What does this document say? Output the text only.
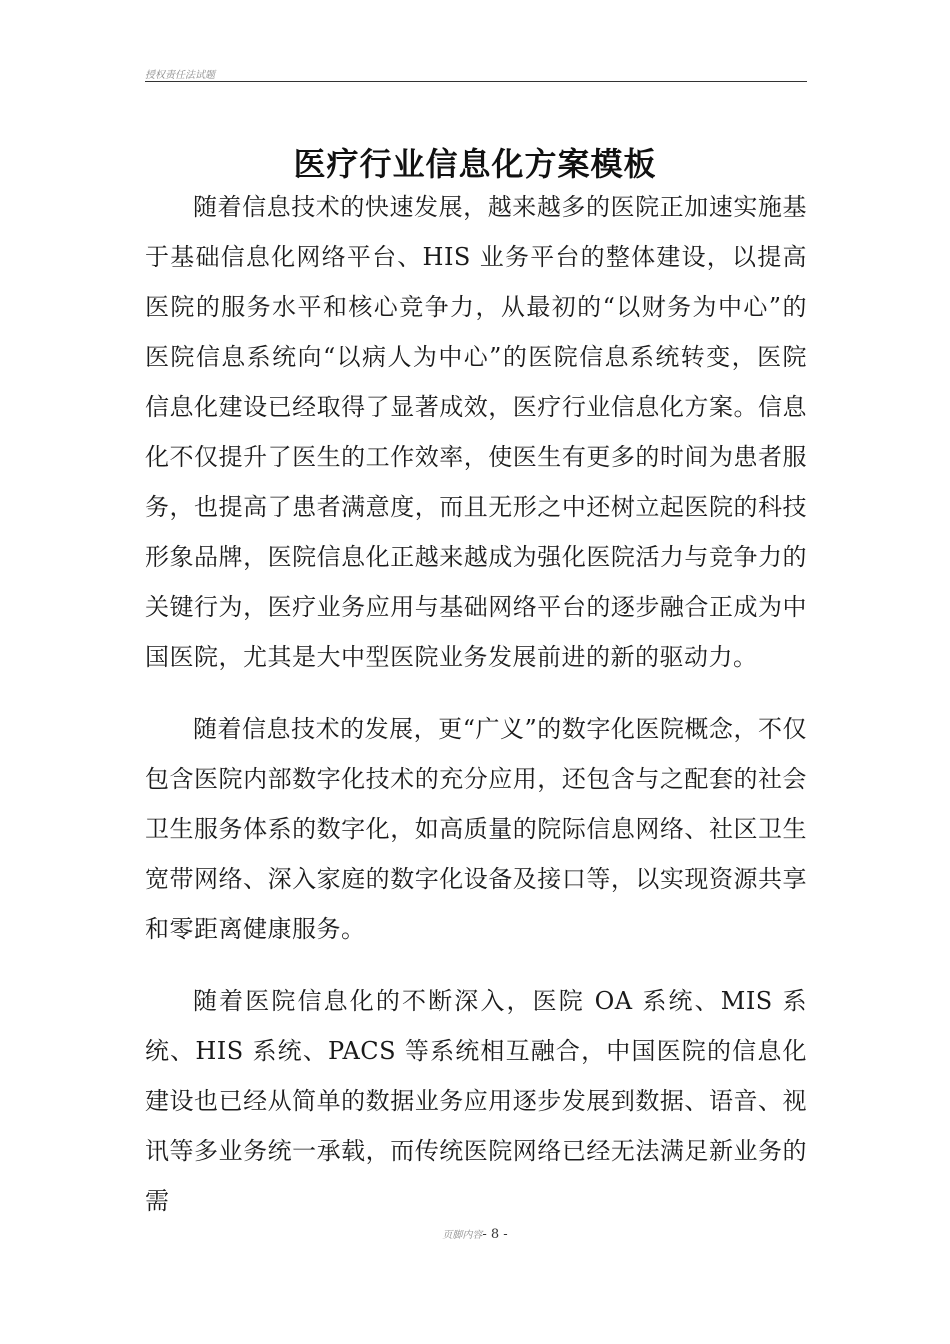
授权责任法试题
医疗行业信息化方案模板

随着信息技术的快速发展，越来越多的医院正加速实施基于基础信息化网络平台、HIS 业务平台的整体建设，以提高医院的服务水平和核心竞争力，从最初的“以财务为中心”的医院信息系统向“以病人为中心”的医院信息系统转变，医院信息化建设已经取得了显著成效，医疗行业信息化方案。信息化不仅提升了医生的工作效率，使医生有更多的时间为患者服务，也提高了患者满意度，而且无形之中还树立起医院的科技形象品牌，医院信息化正越来越成为强化医院活力与竞争力的关键行为，医疗业务应用与基础网络平台的逐步融合正成为中国医院，尤其是大中型医院业务发展前进的新的驱动力。

随着信息技术的发展，更“广义”的数字化医院概念，不仅包含医院内部数字化技术的充分应用，还包含与之配套的社会卫生服务体系的数字化，如高质量的院际信息网络、社区卫生宽带网络、深入家庭的数字化设备及接口等，以实现资源共享和零距离健康服务。

随着医院信息化的不断深入，医院 OA 系统、MIS 系统、HIS 系统、PACS 等系统相互融合，中国医院的信息化建设也已经从简单的数据业务应用逐步发展到数据、语音、视讯等多业务统一承载，而传统医院网络已经无法满足新业务的需

页脚内容- 8 -
